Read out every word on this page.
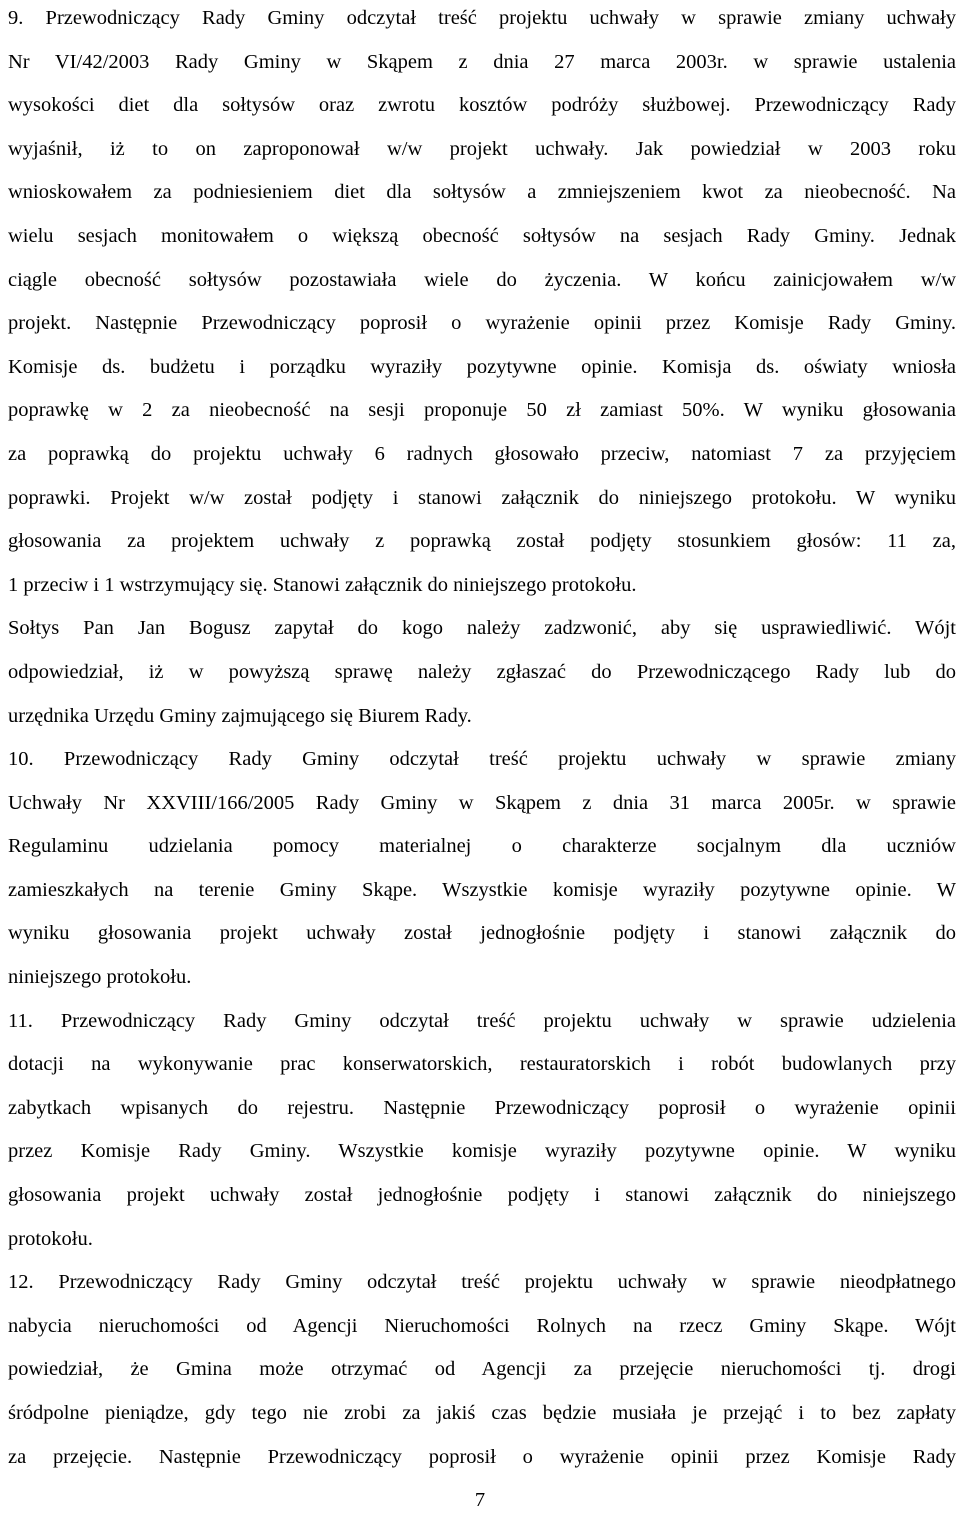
9. Przewodniczący Rady Gminy odczytał treść projektu uchwały w sprawie zmiany uchwały
Nr VI/42/2003 Rady Gminy w Skąpem z dnia 27 marca 2003r. w sprawie ustalenia
wysokości diet dla sołtysów oraz zwrotu kosztów podróży służbowej. Przewodniczący Rady
wyjaśnił, iż to on zaproponował w/w projekt uchwały. Jak powiedział w 2003 roku
wnioskowałem za podniesieniem diet dla sołtysów a zmniejszeniem kwot za nieobecność. Na
wielu sesjach monitowałem o większą obecność sołtysów na sesjach Rady Gminy. Jednak
ciągle obecność sołtysów pozostawiała wiele do życzenia. W końcu zainicjowałem w/w
projekt. Następnie Przewodniczący poprosił o wyrażenie opinii przez Komisje Rady Gminy.
Komisje ds. budżetu i porządku wyraziły pozytywne opinie. Komisja ds. oświaty wniosła
poprawkę w 2 za nieobecność na sesji proponuje 50 zł zamiast 50%. W wyniku głosowania
za poprawką do projektu uchwały 6 radnych głosowało przeciw, natomiast 7 za przyjęciem
poprawki. Projekt w/w został podjęty i stanowi załącznik do niniejszego protokołu. W wyniku
głosowania za projektem uchwały z poprawką został podjęty stosunkiem głosów: 11 za,
1 przeciw i 1 wstrzymujący się. Stanowi załącznik do niniejszego protokołu.
Sołtys Pan Jan Bogusz zapytał do kogo należy zadzwonić, aby się usprawiedliwić. Wójt
odpowiedział, iż w powyższą sprawę należy zgłaszać do Przewodniczącego Rady lub do
urzędnika Urzędu Gminy zajmującego się Biurem Rady.
10. Przewodniczący Rady Gminy odczytał treść projektu uchwały w sprawie zmiany
Uchwały Nr XXVIII/166/2005 Rady Gminy w Skąpem z dnia 31 marca 2005r. w sprawie
Regulaminu udzielania pomocy materialnej o charakterze socjalnym dla uczniów
zamieszkałych na terenie Gminy Skąpe. Wszystkie komisje wyraziły pozytywne opinie. W
wyniku głosowania projekt uchwały został jednogłośnie podjęty i stanowi załącznik do
niniejszego protokołu.
11. Przewodniczący Rady Gminy odczytał treść projektu uchwały w sprawie udzielenia
dotacji na wykonywanie prac konserwatorskich, restauratorskich i robót budowlanych przy
zabytkach wpisanych do rejestru. Następnie Przewodniczący poprosił o wyrażenie opinii
przez Komisje Rady Gminy. Wszystkie komisje wyraziły pozytywne opinie. W wyniku
głosowania projekt uchwały został jednogłośnie podjęty i stanowi załącznik do niniejszego
protokołu.
12. Przewodniczący Rady Gminy odczytał treść projektu uchwały w sprawie nieodpłatnego
nabycia nieruchomości od Agencji Nieruchomości Rolnych na rzecz Gminy Skąpe. Wójt
powiedział, że Gmina może otrzymać od Agencji za przejęcie nieruchomości tj. drogi
śródpolne pieniądze, gdy tego nie zrobi za jakiś czas będzie musiała je przejąć i to bez zapłaty
za przejęcie. Następnie Przewodniczący poprosił o wyrażenie opinii przez Komisje Rady
7
